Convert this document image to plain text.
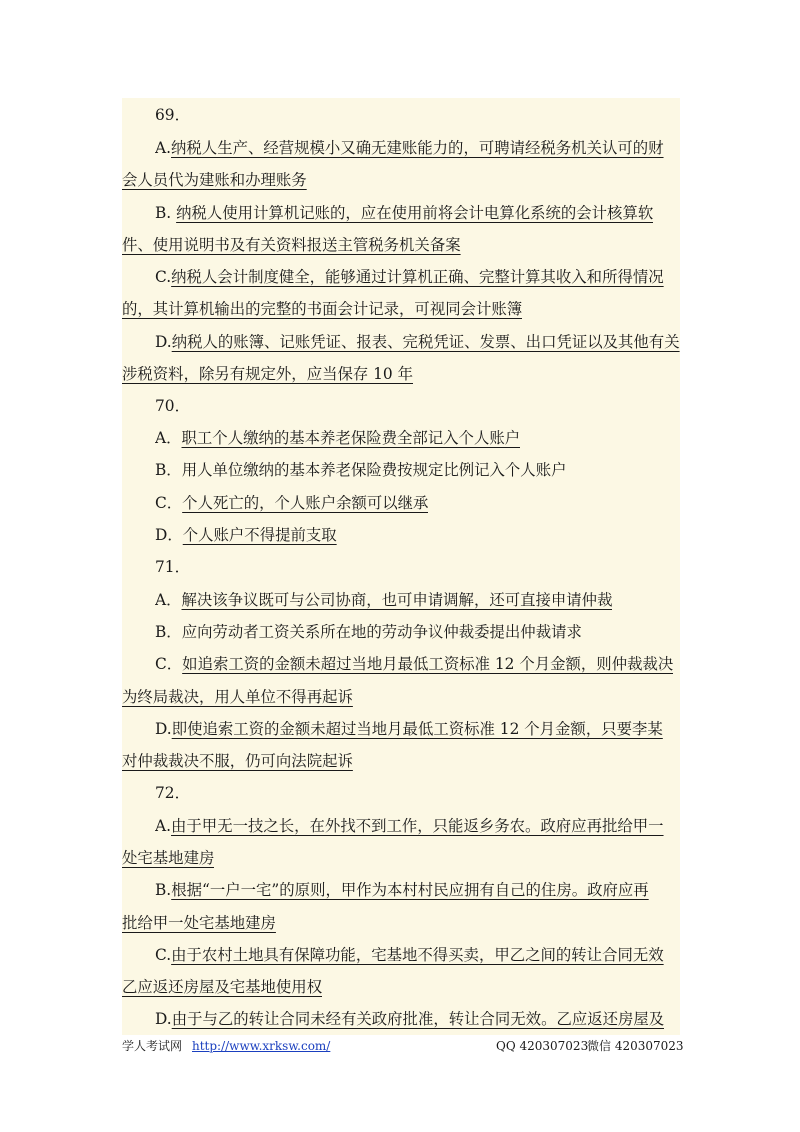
69．
A.纳税人生产、经营规模小又确无建账能力的，可聘请经税务机关认可的财
会人员代为建账和办理账务
B. 纳税人使用计算机记账的，应在使用前将会计电算化系统的会计核算软
件、使用说明书及有关资料报送主管税务机关备案
C.纳税人会计制度健全，能够通过计算机正确、完整计算其收入和所得情况
的，其计算机输出的完整的书面会计记录，可视同会计账簿
D.纳税人的账簿、记账凭证、报表、完税凭证、发票、出口凭证以及其他有关
涉税资料，除另有规定外，应当保存 10 年
70．
A．职工个人缴纳的基本养老保险费全部记入个人账户
B．用人单位缴纳的基本养老保险费按规定比例记入个人账户
C．个人死亡的，个人账户余额可以继承
D．个人账户不得提前支取
71．
A．解决该争议既可与公司协商，也可申请调解，还可直接申请仲裁
B．应向劳动者工资关系所在地的劳动争议仲裁委提出仲裁请求
C．如追索工资的金额未超过当地月最低工资标准 12 个月金额，则仲裁裁决
为终局裁决，用人单位不得再起诉
D.即使追索工资的金额未超过当地月最低工资标准 12 个月金额，只要李某
对仲裁裁决不服，仍可向法院起诉
72．
A.由于甲无一技之长，在外找不到工作，只能返乡务农。政府应再批给甲一
处宅基地建房
B.根据“一户一宅”的原则，甲作为本村村民应拥有自己的住房。政府应再
批给甲一处宅基地建房
C.由于农村土地具有保障功能，宅基地不得买卖，甲乙之间的转让合同无效
乙应返还房屋及宅基地使用权
D.由于与乙的转让合同未经有关政府批准，转让合同无效。乙应返还房屋及
学人考试网 http://www.xrksw.com/	QQ 420307023
微信 420307023
